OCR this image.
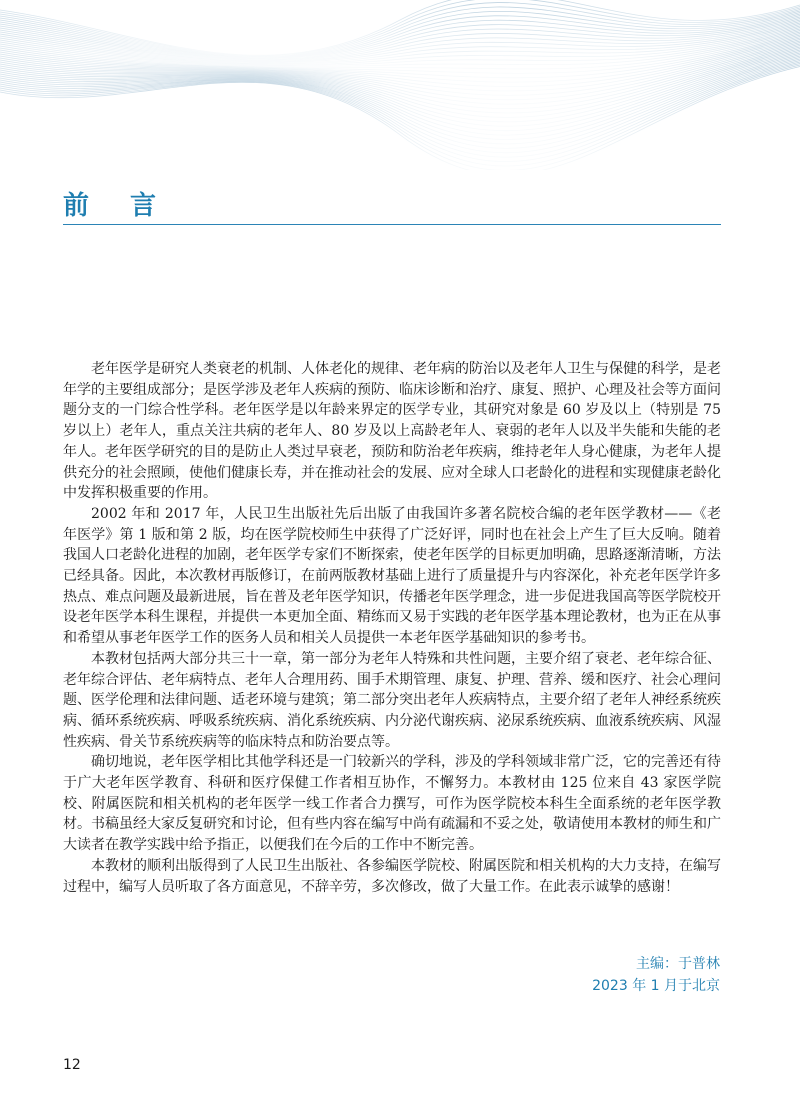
前 言

老年医学是研究人类衰老的机制、人体老化的规律、老年病的防治以及老年人卫生与保健的科学，是老年学的主要组成部分；是医学涉及老年人疾病的预防、临床诊断和治疗、康复、照护、心理及社会等方面问题分支的一门综合性学科。老年医学是以年龄来界定的医学专业，其研究对象是 60 岁及以上（特别是 75 岁以上）老年人，重点关注共病的老年人、80 岁及以上高龄老年人、衰弱的老年人以及半失能和失能的老年人。老年医学研究的目的是防止人类过早衰老，预防和防治老年疾病，维持老年人身心健康，为老年人提供充分的社会照顾，使他们健康长寿，并在推动社会的发展、应对全球人口老龄化的进程和实现健康老龄化中发挥积极重要的作用。

2002 年和 2017 年，人民卫生出版社先后出版了由我国许多著名院校合编的老年医学教材——《老年医学》第 1 版和第 2 版，均在医学院校师生中获得了广泛好评，同时也在社会上产生了巨大反响。随着我国人口老龄化进程的加剧，老年医学专家们不断探索，使老年医学的目标更加明确，思路逐渐清晰，方法已经具备。因此，本次教材再版修订，在前两版教材基础上进行了质量提升与内容深化，补充老年医学许多热点、难点问题及最新进展，旨在普及老年医学知识，传播老年医学理念，进一步促进我国高等医学院校开设老年医学本科生课程，并提供一本更加全面、精练而又易于实践的老年医学基本理论教材，也为正在从事和希望从事老年医学工作的医务人员和相关人员提供一本老年医学基础知识的参考书。

本教材包括两大部分共三十一章，第一部分为老年人特殊和共性问题，主要介绍了衰老、老年综合征、老年综合评估、老年病特点、老年人合理用药、围手术期管理、康复、护理、营养、缓和医疗、社会心理问题、医学伦理和法律问题、适老环境与建筑；第二部分突出老年人疾病特点，主要介绍了老年人神经系统疾病、循环系统疾病、呼吸系统疾病、消化系统疾病、内分泌代谢疾病、泌尿系统疾病、血液系统疾病、风湿性疾病、骨关节系统疾病等的临床特点和防治要点等。

确切地说，老年医学相比其他学科还是一门较新兴的学科，涉及的学科领域非常广泛，它的完善还有待于广大老年医学教育、科研和医疗保健工作者相互协作，不懈努力。本教材由 125 位来自 43 家医学院校、附属医院和相关机构的老年医学一线工作者合力撰写，可作为医学院校本科生全面系统的老年医学教材。书稿虽经大家反复研究和讨论，但有些内容在编写中尚有疏漏和不妥之处，敬请使用本教材的师生和广大读者在教学实践中给予指正，以便我们在今后的工作中不断完善。

本教材的顺利出版得到了人民卫生出版社、各参编医学院校、附属医院和相关机构的大力支持，在编写过程中，编写人员听取了各方面意见，不辞辛劳，多次修改，做了大量工作。在此表示诚挚的感谢！

主编：于普林
2023 年 1 月于北京
12
